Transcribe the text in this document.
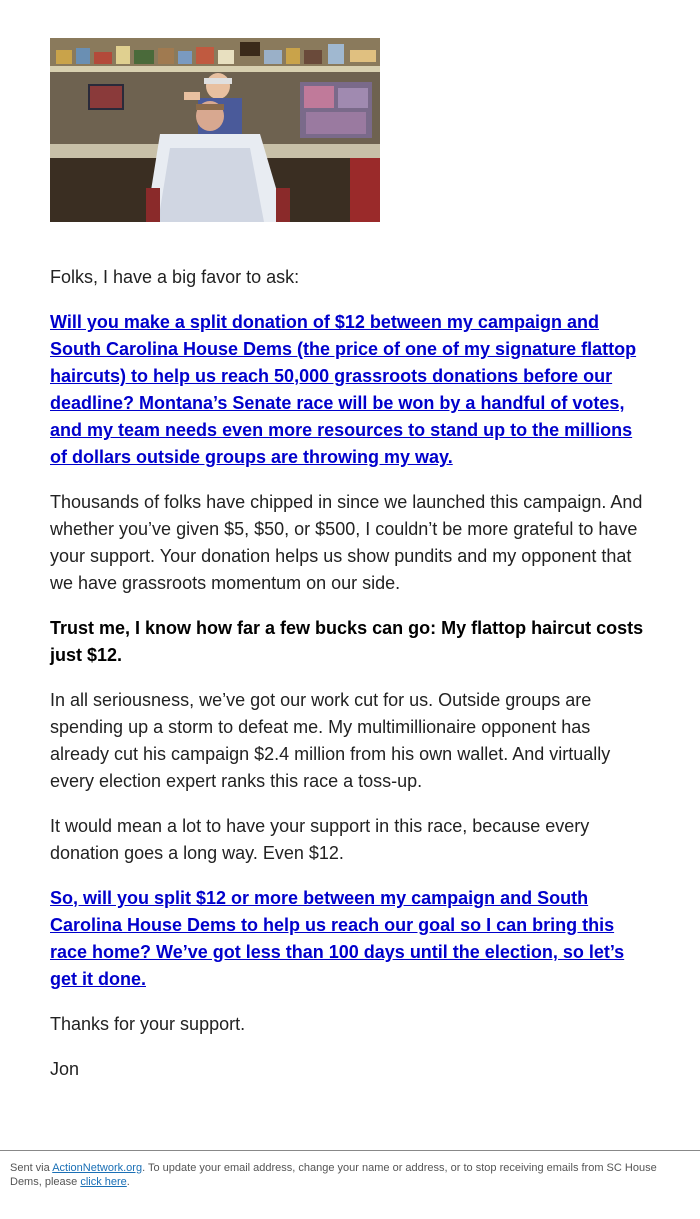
Folks, I have a big favor to ask:

Will you make a split donation of $12 between my campaign and South Carolina House Dems (the price of one of my signature flattop haircuts) to help us reach 50,000 grassroots donations before our deadline? Montana’s Senate race will be won by a handful of votes, and my team needs even more resources to stand up to the millions of dollars outside groups are throwing my way.

Thousands of folks have chipped in since we launched this campaign. And whether you’ve given $5, $50, or $500, I couldn’t be more grateful to have your support. Your donation helps us show pundits and my opponent that we have grassroots momentum on our side.

Trust me, I know how far a few bucks can go: My flattop haircut costs just $12.

In all seriousness, we’ve got our work cut for us. Outside groups are spending up a storm to defeat me. My multimillionaire opponent has already cut his campaign $2.4 million from his own wallet. And virtually every election expert ranks this race a toss-up.

It would mean a lot to have your support in this race, because every donation goes a long way. Even $12.

So, will you split $12 or more between my campaign and South Carolina House Dems to help us reach our goal so I can bring this race home? We’ve got less than 100 days until the election, so let’s get it done.

Thanks for your support.

Jon

Sent via ActionNetwork.org. To update your email address, change your name or address, or to stop receiving emails from SC House Dems, please click here.
